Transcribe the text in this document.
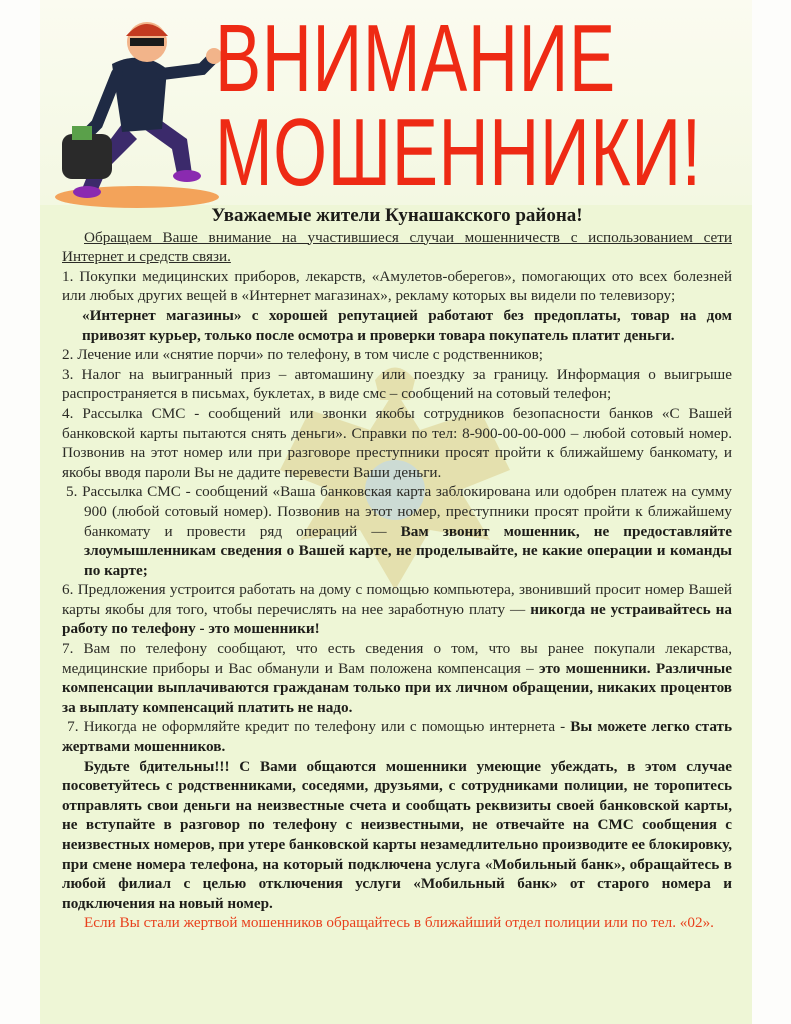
ВНИМАНИЕ
МОШЕННИКИ!
Уважаемые жители Кунашакского района!

Обращаем Ваше внимание на участившиеся случаи мошенничеств с использованием сети Интернет и средств связи.

1. Покупки медицинских приборов, лекарств, «Амулетов-оберегов», помогающих ото всех болезней или любых других вещей в «Интернет магазинах», рекламу которых вы видели по телевизору;

«Интернет магазины» с хорошей репутацией работают без предоплаты, товар на дом привозят курьер, только после осмотра и проверки товара покупатель платит деньги.

2. Лечение или «снятие порчи» по телефону, в том числе с родственников;

3. Налог на выигранный приз – автомашину или поездку за границу. Информация о выигрыше распространяется в письмах, буклетах, в виде смс – сообщений на сотовый телефон;

4. Рассылка СМС - сообщений или звонки якобы сотрудников безопасности банков «С Вашей банковской карты пытаются снять деньги». Справки по тел: 8-900-00-00-000 – любой сотовый номер. Позвонив на этот номер или при разговоре преступники просят пройти к ближайшему банкомату, и якобы вводя пароли Вы не дадите перевести Ваши деньги.

5. Рассылка СМС - сообщений «Ваша банковская карта заблокирована или одобрен платеж на сумму 900 (любой сотовый номер). Позвонив на этот номер, преступники просят пройти к ближайшему банкомату и провести ряд операций — Вам звонит мошенник, не предоставляйте злоумышленникам сведения о Вашей карте, не проделывайте, не какие операции и команды по карте;

6. Предложения устроится работать на дому с помощью компьютера, звонивший просит номер Вашей карты якобы для того, чтобы перечислять на нее заработную плату — никогда не устраивайтесь на работу по телефону - это мошенники!

7. Вам по телефону сообщают, что есть сведения о том, что вы ранее покупали лекарства, медицинские приборы и Вас обманули и Вам положена компенсация – это мошенники. Различные компенсации выплачиваются гражданам только при их личном обращении, никаких процентов за выплату компенсаций платить не надо.

7. Никогда не оформляйте кредит по телефону или с помощью интернета - Вы можете легко стать жертвами мошенников.

Будьте бдительны!!! С Вами общаются мошенники умеющие убеждать, в этом случае посоветуйтесь с родственниками, соседями, друзьями, с сотрудниками полиции, не торопитесь отправлять свои деньги на неизвестные счета и сообщать реквизиты своей банковской карты, не вступайте в разговор по телефону с неизвестными, не отвечайте на СМС сообщения с неизвестных номеров, при утере банковской карты незамедлительно производите ее блокировку, при смене номера телефона, на который подключена услуга «Мобильный банк», обращайтесь в любой филиал с целью отключения услуги «Мобильный банк» от старого номера и подключения на новый номер.

Если Вы стали жертвой мошенников обращайтесь в ближайший отдел полиции или по тел. «02».
